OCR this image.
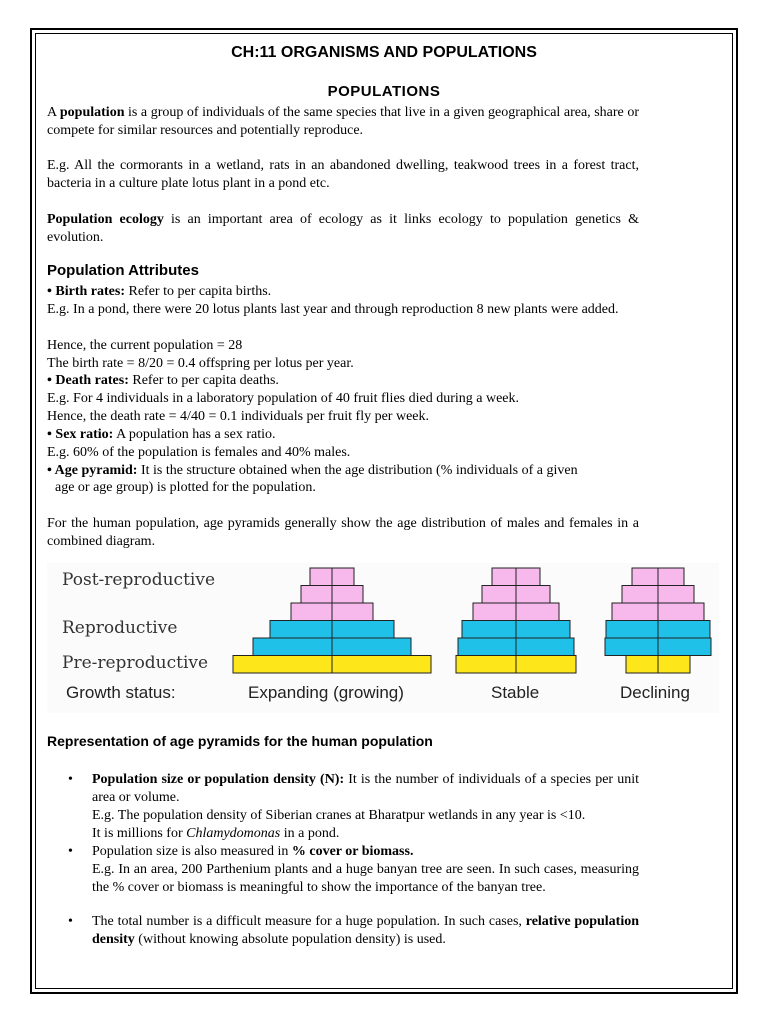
CH:11 ORGANISMS AND POPULATIONS
POPULATIONS
A population is a group of individuals of the same species that live in a given geographical area, share or compete for similar resources and potentially reproduce.
E.g. All the cormorants in a wetland, rats in an abandoned dwelling, teakwood trees in a forest tract, bacteria in a culture plate lotus plant in a pond etc.
Population ecology is an important area of ecology as it links ecology to population genetics & evolution.
Population Attributes
• Birth rates: Refer to per capita births.
E.g. In a pond, there were 20 lotus plants last year and through reproduction 8 new plants were added.
Hence, the current population = 28
The birth rate = 8/20 = 0.4 offspring per lotus per year.
• Death rates: Refer to per capita deaths.
E.g. For 4 individuals in a laboratory population of 40 fruit flies died during a week.
Hence, the death rate = 4/40 = 0.1 individuals per fruit fly per week.
• Sex ratio: A population has a sex ratio.
E.g. 60% of the population is females and 40% males.
• Age pyramid: It is the structure obtained when the age distribution (% individuals of a given
age or age group) is plotted for the population.
For the human population, age pyramids generally show the age distribution of males and females in a combined diagram.
Post-reproductive
Reproductive
Pre-reproductive
Growth status:	Expanding (growing)	Stable	Declining
Representation of age pyramids for the human population
• Population size or population density (N): It is the number of individuals of a species per unit area or volume.
E.g. The population density of Siberian cranes at Bharatpur wetlands in any year is <10.
It is millions for Chlamydomonas in a pond.
• Population size is also measured in % cover or biomass.
E.g. In an area, 200 Parthenium plants and a huge banyan tree are seen. In such cases, measuring the % cover or biomass is meaningful to show the importance of the banyan tree.
• The total number is a difficult measure for a huge population. In such cases, relative population density (without knowing absolute population density) is used.
